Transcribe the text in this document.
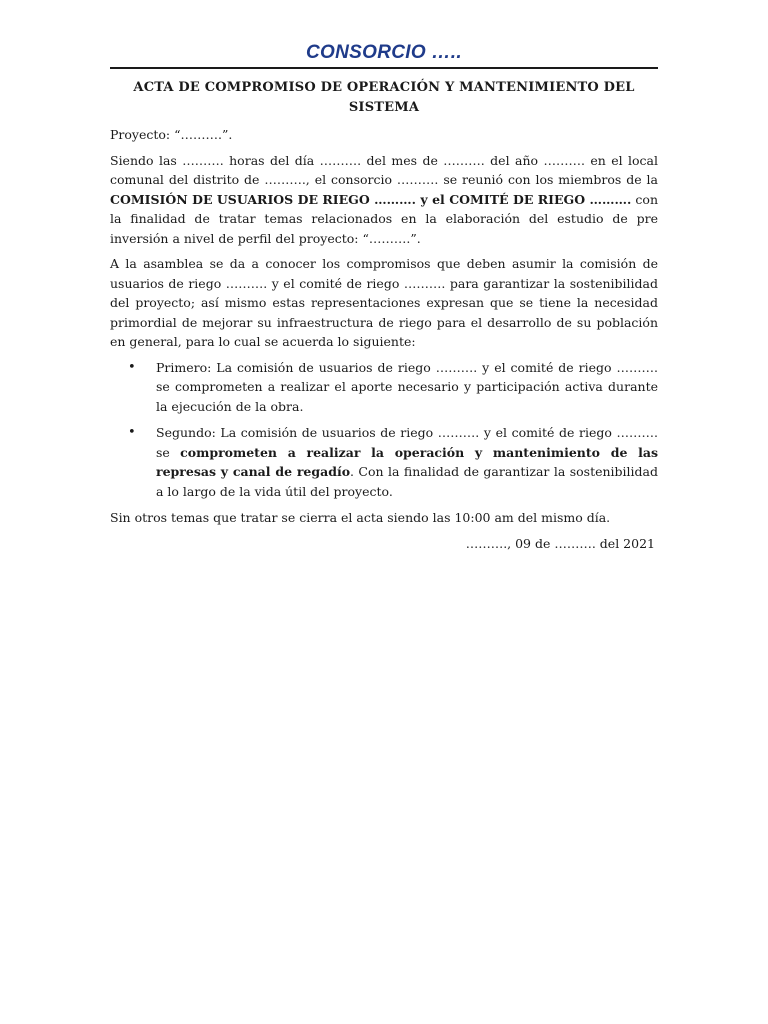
CONSORCIO …..
ACTA DE COMPROMISO DE OPERACIÓN Y MANTENIMIENTO DEL
SISTEMA

Proyecto: “……….”.

Siendo las ………. horas del día ………. del mes de ………. del año ………. en el local comunal del distrito de ………., el consorcio ………. se reunió con los miembros de la COMISIÓN DE USUARIOS DE RIEGO ………. y el COMITÉ DE RIEGO ………. con la finalidad de tratar temas relacionados en la elaboración del estudio de pre inversión a nivel de perfil del proyecto: “……….”.

A la asamblea se da a conocer los compromisos que deben asumir la comisión de usuarios de riego ………. y el comité de riego ………. para garantizar la sostenibilidad del proyecto; así mismo estas representaciones expresan que se tiene la necesidad primordial de mejorar su infraestructura de riego para el desarrollo de su población en general, para lo cual se acuerda lo siguiente:

• Primero: La comisión de usuarios de riego ………. y el comité de riego ………. se comprometen a realizar el aporte necesario y participación activa durante la ejecución de la obra.
• Segundo: La comisión de usuarios de riego ………. y el comité de riego ………. se comprometen a realizar la operación y mantenimiento de las represas y canal de regadío. Con la finalidad de garantizar la sostenibilidad a lo largo de la vida útil del proyecto.

Sin otros temas que tratar se cierra el acta siendo las 10:00 am del mismo día.

………., 09 de ………. del 2021
